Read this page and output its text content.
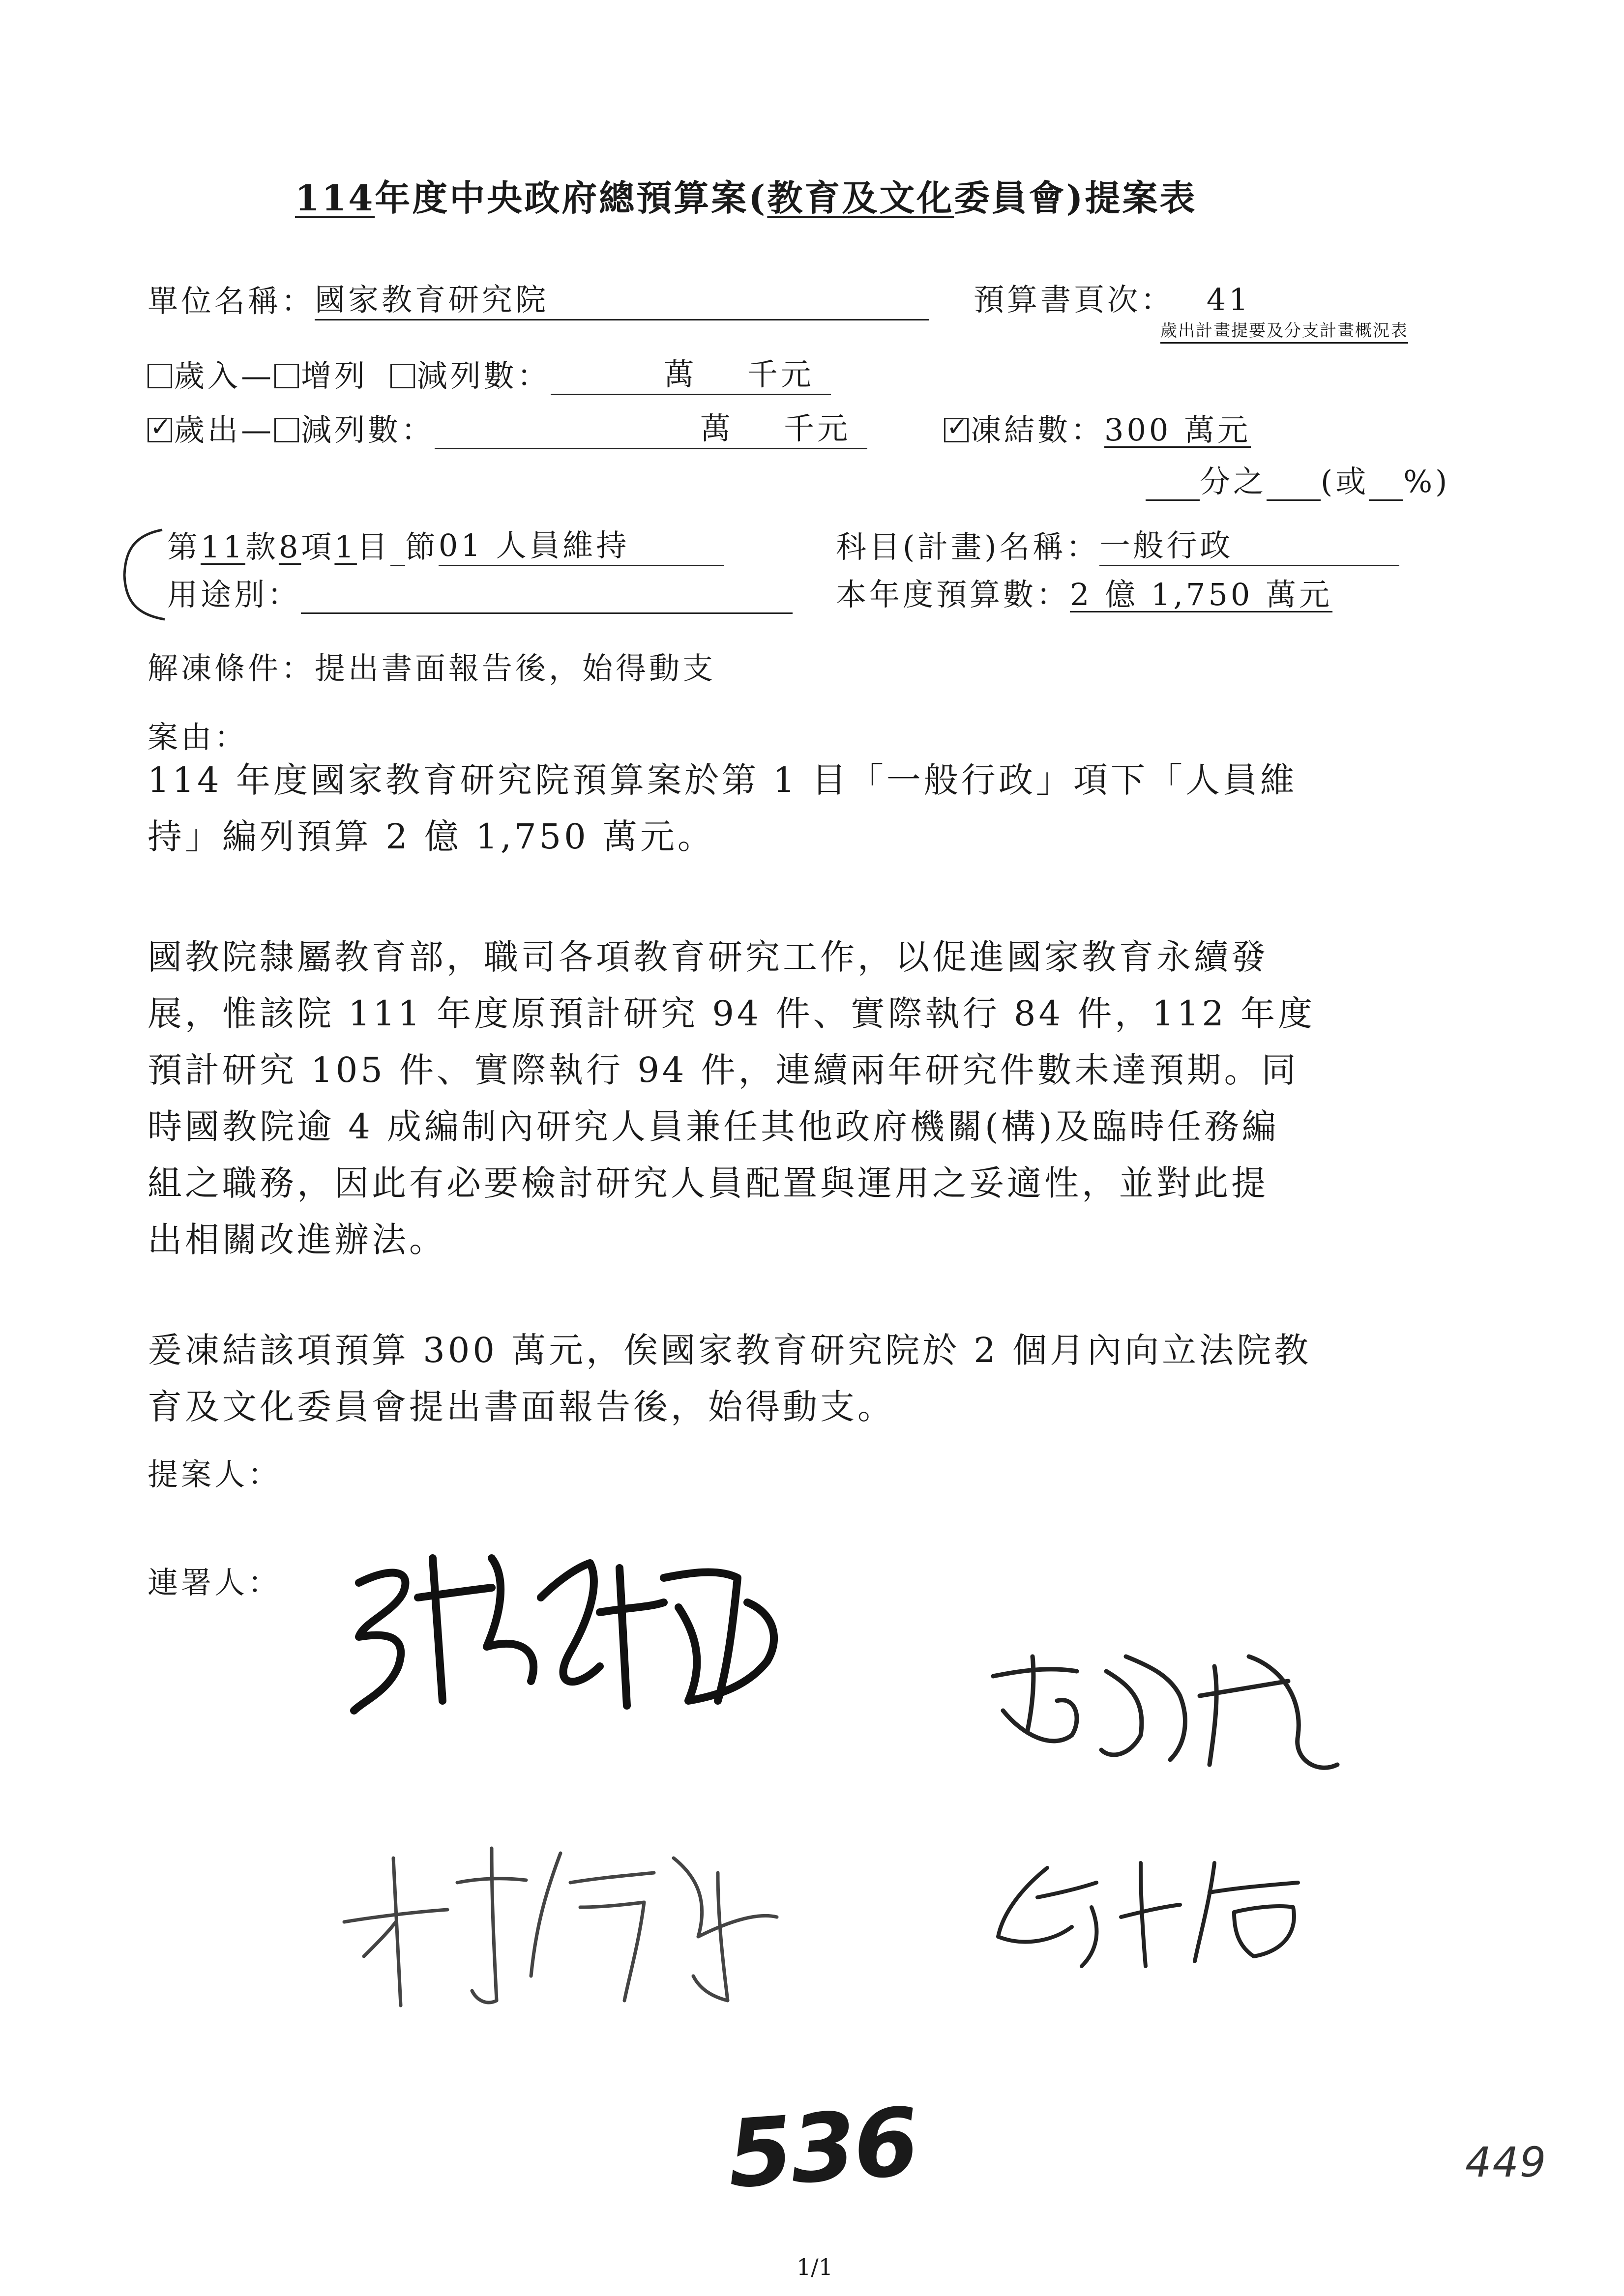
114年度中央政府總預算案(教育及文化委員會)提案表
單位名稱：國家教育研究院	預算書頁次： 41
歲出計畫提要及分支計畫概況表
歲入— 增列 減列數：	萬 千元
✓歲出— 減列數：	萬 千元
✓	凍結數：300 萬元
分之 (或 %)
第11款8項1目 節01 人員維持	科目(計畫)名稱：一般行政
用途別：	本年度預算數：2 億 1,750 萬元
解凍條件：提出書面報告後，始得動支
案由：
114 年度國家教育研究院預算案於第 1 目「一般行政」項下「人員維
持」編列預算 2 億 1,750 萬元。
國教院隸屬教育部，職司各項教育研究工作，以促進國家教育永續發
展，惟該院 111 年度原預計研究 94 件、實際執行 84 件，112 年度
預計研究 105 件、實際執行 94 件，連續兩年研究件數未達預期。同
時國教院逾 4 成編制內研究人員兼任其他政府機關(構)及臨時任務編
組之職務，因此有必要檢討研究人員配置與運用之妥適性，並對此提
出相關改進辦法。
爰凍結該項預算 300 萬元，俟國家教育研究院於 2 個月內向立法院教
育及文化委員會提出書面報告後，始得動支。
提案人：
連署人：
536	449
1/1
